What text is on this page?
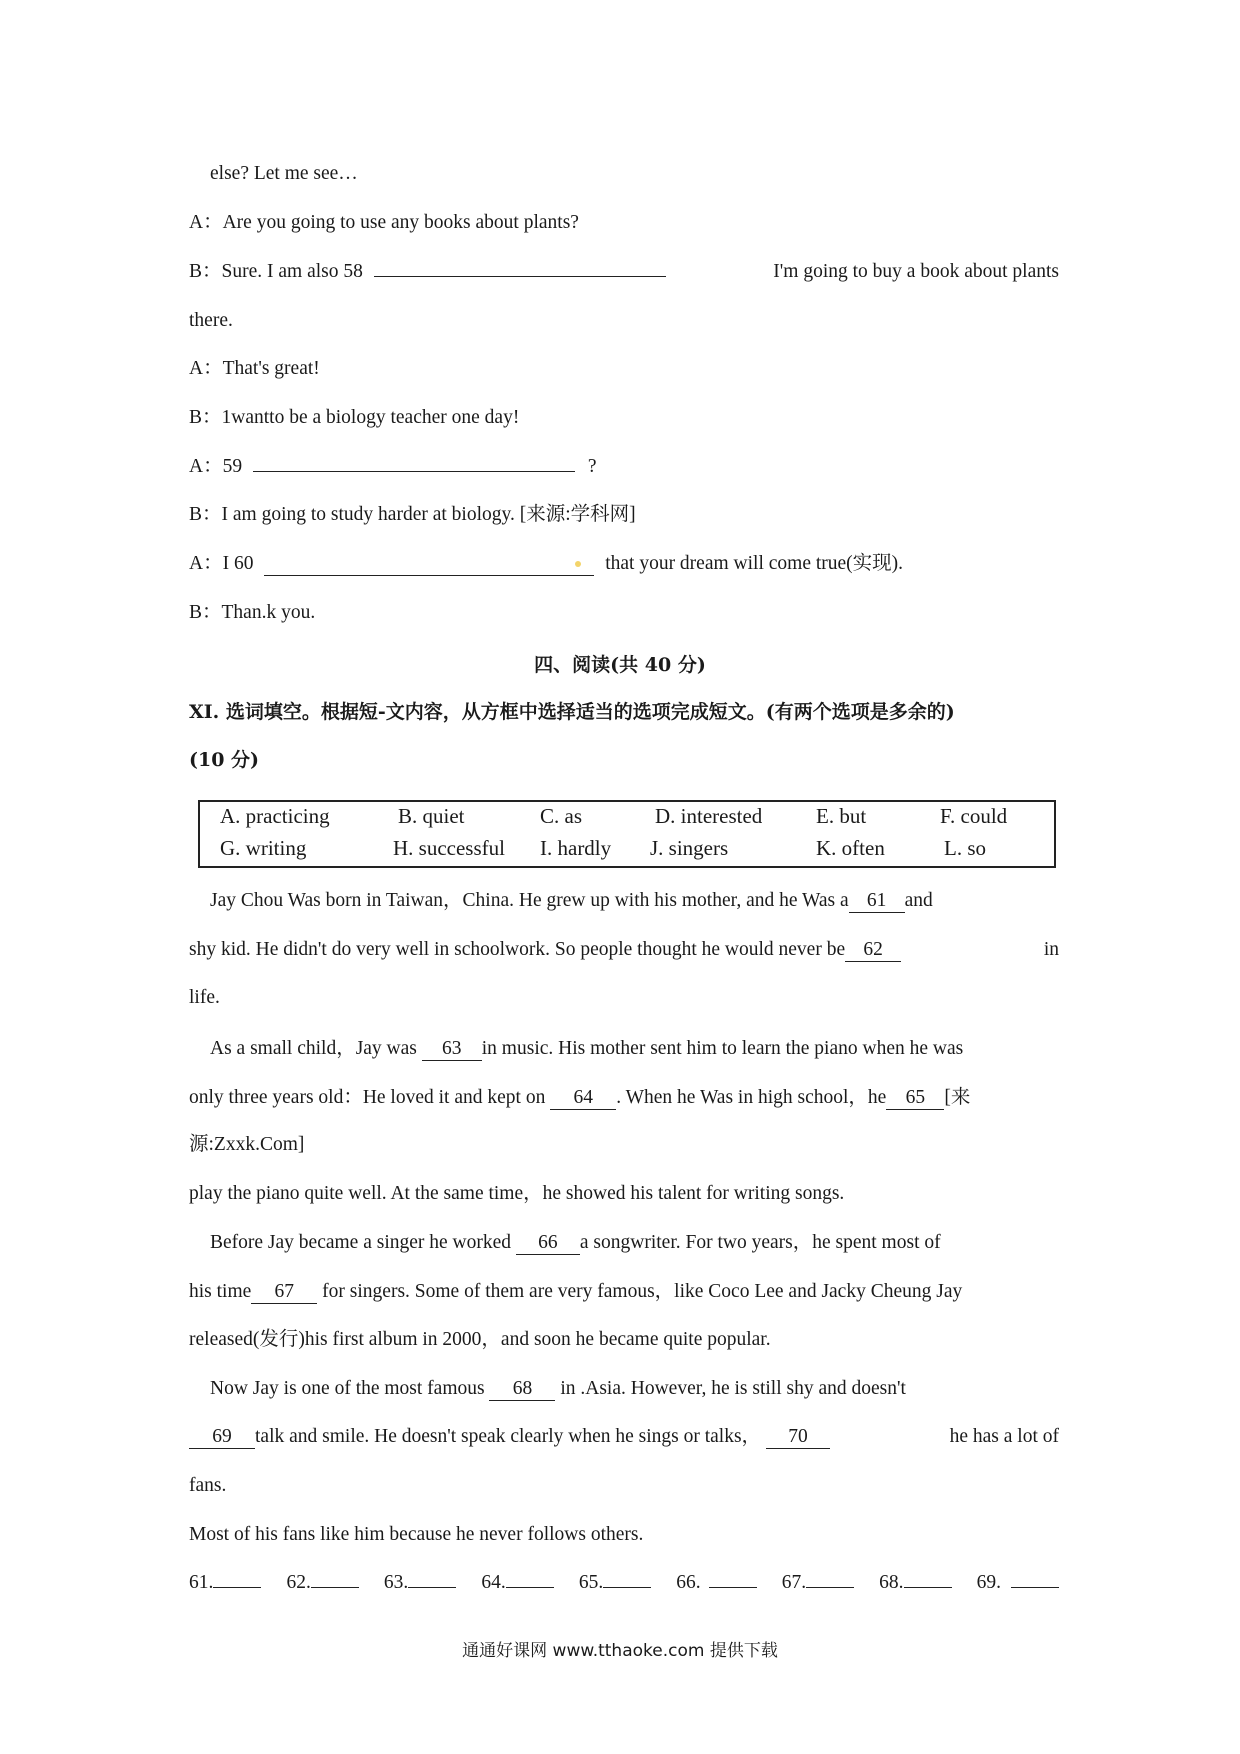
else? Let me see…
A：Are you going to use any books about plants?
B：Sure. I am also 58	I'm going to buy a book about plants
there.
A：That's great!
B：1wantto be a biology teacher one day!
A：59	?
B：I am going to study harder at biology. [来源:学科网]
A：I 60	that your dream will come true(实现).
B：Than.k you.
四、阅读(共 40 分)
XI. 选词填空。根据短-文内容，从方框中选择适当的选项完成短文。(有两个选项是多余的)
(10 分)
A. practicing	B. quiet	C. as	D. interested	E. but	F. could
G. writing	H. successful I. hardly J. singers	K. often	L. so
Jay Chou Was born in Taiwan，China. He grew up with his mother, and he Was a 61 and
shy kid. He didn't do very well in schoolwork. So people thought he would never be 62	in
life.
As a small child，Jay was 63 in music. His mother sent him to learn the piano when he was
only three years old：He loved it and kept on 64 . When he Was in high school，he 65 [来
源:Zxxk.Com]
play the piano quite well. At the same time，he showed his talent for writing songs.
Before Jay became a singer he worked 66 a songwriter. For two years，he spent most of
his time 67 for singers. Some of them are very famous，like Coco Lee and Jacky Cheung Jay
released(发行)his first album in 2000，and soon he became quite popular.
Now Jay is one of the most famous 68 in .Asia. However, he is still shy and doesn't
69 talk and smile. He doesn't speak clearly when he sings or talks， 70	he has a lot of
fans.
Most of his fans like him because he never follows others.
61.	62.	63.	64.	65.	66.	67.	68.	69.
通通好课网 www.tthaoke.com 提供下载
